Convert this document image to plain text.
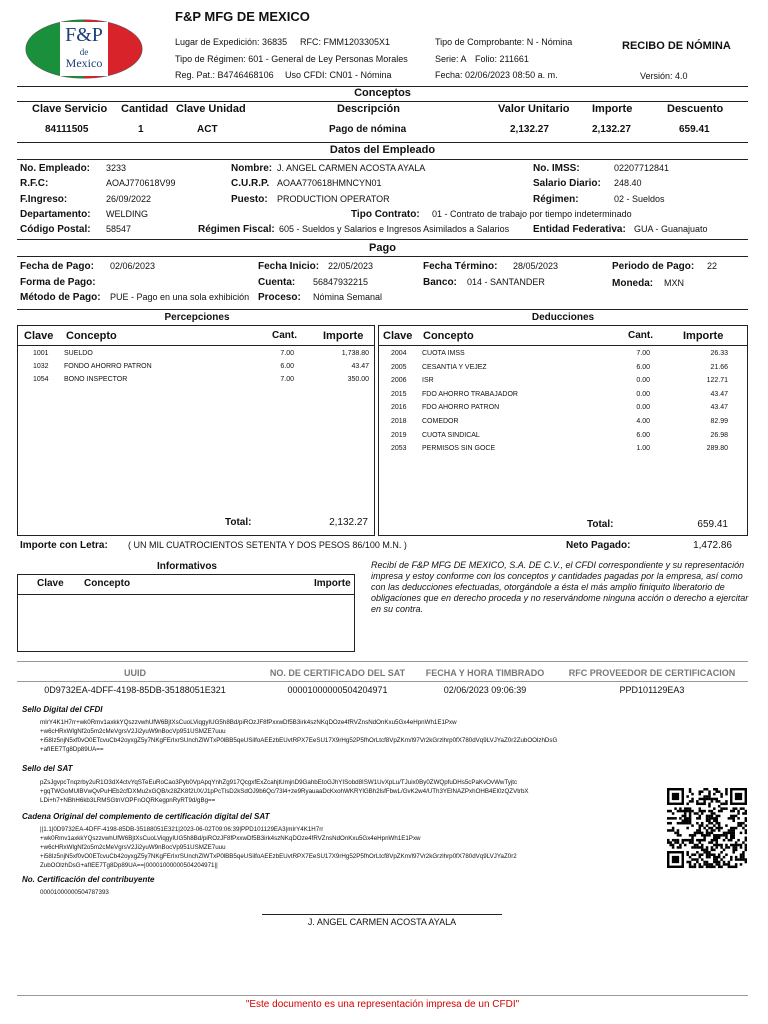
F&P
de
Mexico
F&P MFG DE MEXICO
Lugar de Expedición: 36835 RFC: FMM1203305X1
Tipo de Régimen: 601 - General de Ley Personas Morales
Reg. Pat.: B4746468106 Uso CFDI: CN01 - Nómina
Tipo de Comprobante: N - Nómina
Serie: A Folio: 211661
Fecha: 02/06/2023 08:50 a. m.
RECIBO DE NÓMINA
Versión: 4.0
Conceptos
Clave Servicio Cantidad Clave Unidad	Descripción	Valor Unitario Importe	Descuento
84111505	1	ACT	Pago de nómina	2,132.27	2,132.27	659.41
Datos del Empleado
No. Empleado: 3233
R.F.C:	AOAJ770618V99
F.Ingreso:	26/09/2022
Departamento: WELDING
Código Postal: 58547
Nombre: J. ANGEL CARMEN ACOSTA AYALA
C.U.R.P. AOAA770618HMNCYN01
Puesto: PRODUCTION OPERATOR
Tipo Contrato: 01 - Contrato de trabajo por tiempo indeterminado
Régimen Fiscal: 605 - Sueldos y Salarios e Ingresos Asimilados a Salarios
No. IMSS:	02207712841
Salario Diario: 248.40
Régimen:	02 - Sueldos
Entidad Federativa: GUA - Guanajuato
Pago
Fecha de Pago: 02/06/2023
Forma de Pago:
Método de Pago: PUE - Pago en una sola exhibición
Fecha Inicio: 22/05/2023
Cuenta: 56847932215
Proceso: Nómina Semanal
Fecha Término: 28/05/2023
Banco: 014 - SANTANDER
Periodo de Pago: 22
Moneda: MXN
Percepciones	Deducciones
Clave Concepto	Cant. Importe
1001	SUELDO	7.00	1,738.80
1032	FONDO AHORRO PATRON	6.00	43.47
1054	BONO INSPECTOR	7.00	350.00
Total:	2,132.27
Clave Concepto	Cant.	Importe
2004	CUOTA IMSS	7.00	26.33
2005	CESANTIA Y VEJEZ	6.00	21.66
2006	ISR	0.00	122.71
2015	FDO AHORRO TRABAJADOR	0.00	43.47
2016	FDO AHORRO PATRON	0.00	43.47
2018	COMEDOR	4.00	82.99
2019	CUOTA SINDICAL	6.00	26.98
2053	PERMISOS SIN GOCE	1.00	289.80
Total:	659.41
Importe con Letra: ( UN MIL CUATROCIENTOS SETENTA Y DOS PESOS 86/100 M.N. )	Neto Pagado:	1,472.86
Informativos
Clave Concepto	Importe
Recibí de F&P MFG DE MEXICO, S.A. DE C.V., el CFDI correspondiente y su representación impresa y estoy conforme con los conceptos y cantidades pagadas por la empresa, así como con las deducciones efectuadas, otorgándole a ésta el más amplio finiquito liberatorio de obligaciones que en derecho proceda y no reservándome ninguna acción o derecho a ejercitar en su contra.
UUID	NO. DE CERTIFICADO DEL SAT	FECHA Y HORA TIMBRADO	RFC PROVEEDOR DE CERTIFICACION
0D9732EA-4DFF-4198-85DB-35188051E321	00001000000504204971	02/06/2023 09:06:39	PPD101129EA3
Sello Digital del CFDI
mIrY4K1H7rr+wk0Rmv1axkkYQszzvwhUfW6BjtXsCuoLViqgyIUG5h8Bd/piROzJF8fPxxwDf5B3irk4szNKqDOze4fRVZnsNdOnKxu5Gx4eHpnWh1E1Pxw
+w6cHRxWlgNf2o5m2cMeVgrsV2Ji2yuW9nBocVp951USMZE7uuu
+i58Iz5njN5xf0vO0ETcvuCb42oyxgZ5y7NKgFErIxrSUnchZlWTxP0lBB5qeUSilfoAEEzbEUvtRPX7EeSU17X9rHg52P5fhOrLtcf8VpZKm/l97Vr2kGrzlhrp0fX780dVq9LVJYaZ0r2ZubOOlzhDsG
+afIEE7Tg8Dp89UA==
Sello del SAT
pZsJgvpcTnqzrby2uR1O3dX4ctvYqSTeEuRoCao3Pyb0VpApqYnhZg917QcgxfExZcahjtUmjnD9GahbEtoGJhYISobd8ISW1UvXpLu/TJuix0By0ZWQpfuDHs5cPaKvOvWwTyjtc
+gqTWGoMUlBVwQvPuHEb2cfDXMu2xGQB/x28ZK8f2UX/J1pPcTlsD2kSdOJ9b6Qc/73l4+ze9RyauaaDcKxohWKRYlGBh2lsfFbwL/GvK2w4/UTh3YElNAZPxhOHB4El0zQZVtrbX
LDi+h7+NBhH6kb3LRMSGtnVOPFnOQRKegpnRyRT9d/gBg==
Cadena Original del complemento de certificación digital del SAT
||1.1|0D9732EA-4DFF-4198-85DB-35188051E321|2023-06-02T09:06:39|PPD101129EA3|mIrY4K1H7rr
+wk0Rmv1axkkYQszzvwhUfW6BjtXsCuoLViqgyIUG5h8Bd/piROzJF8fPxxwDf5B3irk4szNKqDOze4fRVZnsNdOnKxu5Gx4eHpnWh1E1Pxw
+w6cHRxWlgNf2o5m2cMeVgrsV2Ji2yuW9nBocVp951USMZE7uuu
+i58Iz5njN5xf0vO0ETcvuCb42oyxgZ5y7NKgFErIxrSUnchZlWTxP0lBB5qeUSilfoAEEzbEUvtRPX7EeSU17X9rHg52P5fhOrLtcf8VpZKm/l97Vr2kGrzlhrp0fX780dVq9LVJYaZ0r2
ZubOOlzhDsG+afIEE7Tg8Dp89UA==|00001000000504204971||
No. Certificación del contribuyente
00001000000504787393
J. ANGEL CARMEN ACOSTA AYALA
"Este documento es una representación impresa de un CFDI"
